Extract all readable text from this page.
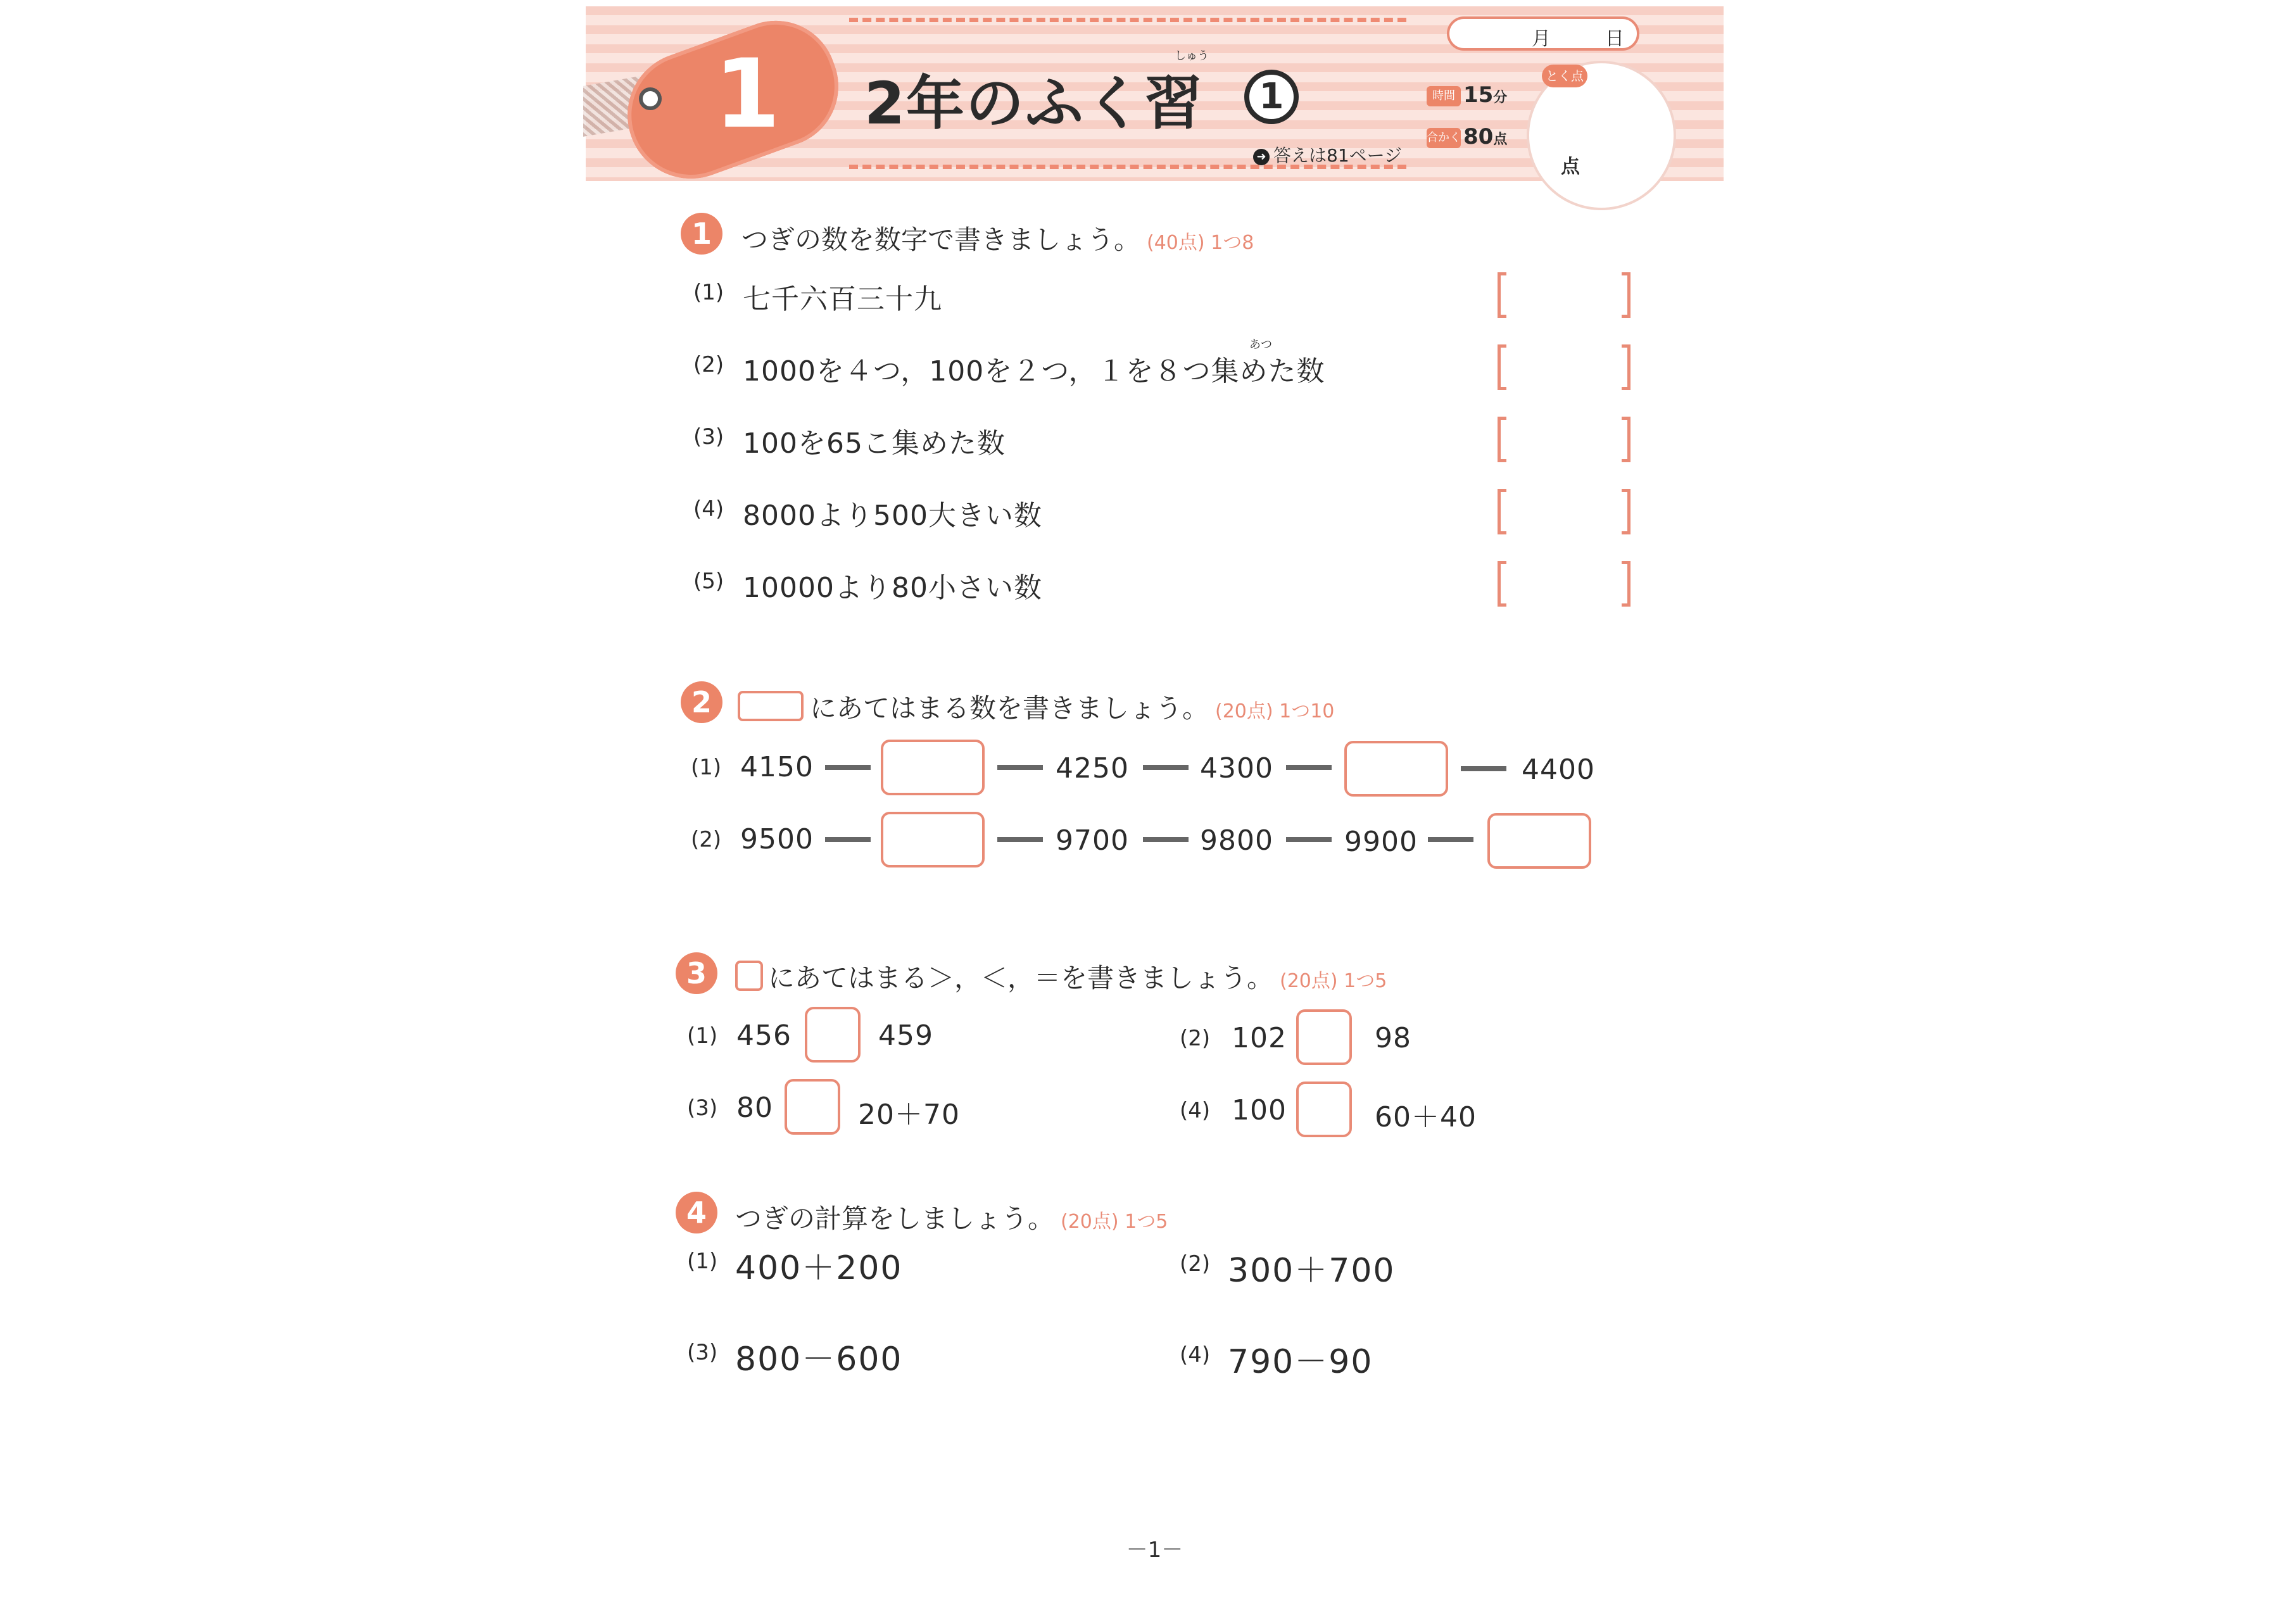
1	しゅう
2年のふく習	1
➜ 答えは81ページ
月	日
時間 15分
合かく 80点
とく点
点
1	つぎの数を数字で書きましょう。 (40点) 1つ8
(1) 七千六百三十九
あつ
(2) 1000を４つ，100を２つ，１を８つ集めた数
(3) 100を65こ集めた数
(4) 8000より500大きい数
(5) 10000より80小さい数
2	にあてはまる数を書きましょう。 (20点) 1つ10
(1) 4150	4250	4300	4400
(2) 9500	9700	9800	9900
3	にあてはまる＞，＜，＝を書きましょう。 (20点) 1つ5
(1) 456	459	(2) 102	98
(3) 80	20＋70	(4) 100	60＋40
4	つぎの計算をしましょう。 (20点) 1つ5
(1) 400＋200	(2) 300＋700
(3) 800－600	(4) 790－90
－1－
